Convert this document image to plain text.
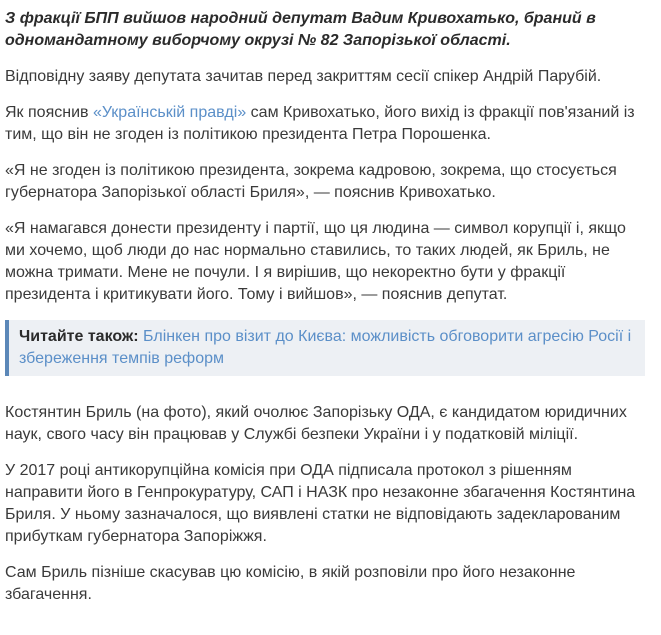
З фракції БПП вийшов народний депутат Вадим Кривохатько, браний в одномандатному виборчому окрузі № 82 Запорізької області.

Відповідну заяву депутата зачитав перед закриттям сесії спікер Андрій Парубій.

Як пояснив «Українській правді» сам Кривохатько, його вихід із фракції пов'язаний із тим, що він не згоден із політикою президента Петра Порошенка.

«Я не згоден із політикою президента, зокрема кадровою, зокрема, що стосується губернатора Запорізької області Бриля», — пояснив Кривохатько.

«Я намагався донести президенту і партії, що ця людина — символ корупції і, якщо ми хочемо, щоб люди до нас нормально ставились, то таких людей, як Бриль, не можна тримати. Мене не почули. І я вирішив, що некоректно бути у фракції президента і критикувати його. Тому і вийшов», — пояснив депутат.

Читайте також: Блінкен про візит до Києва: можливість обговорити агресію Росії і збереження темпів реформ

Костянтин Бриль (на фото), який очолює Запорізьку ОДА, є кандидатом юридичних наук, свого часу він працював у Службі безпеки України і у податковій міліції.

У 2017 році антикорупційна комісія при ОДА підписала протокол з рішенням направити його в Генпрокуратуру, САП і НАЗК про незаконне збагачення Костянтина Бриля. У ньому зазначалося, що виявлені статки не відповідають задекларованим прибуткам губернатора Запоріжжя.

Сам Бриль пізніше скасував цю комісію, в якій розповіли про його незаконне збагачення.
